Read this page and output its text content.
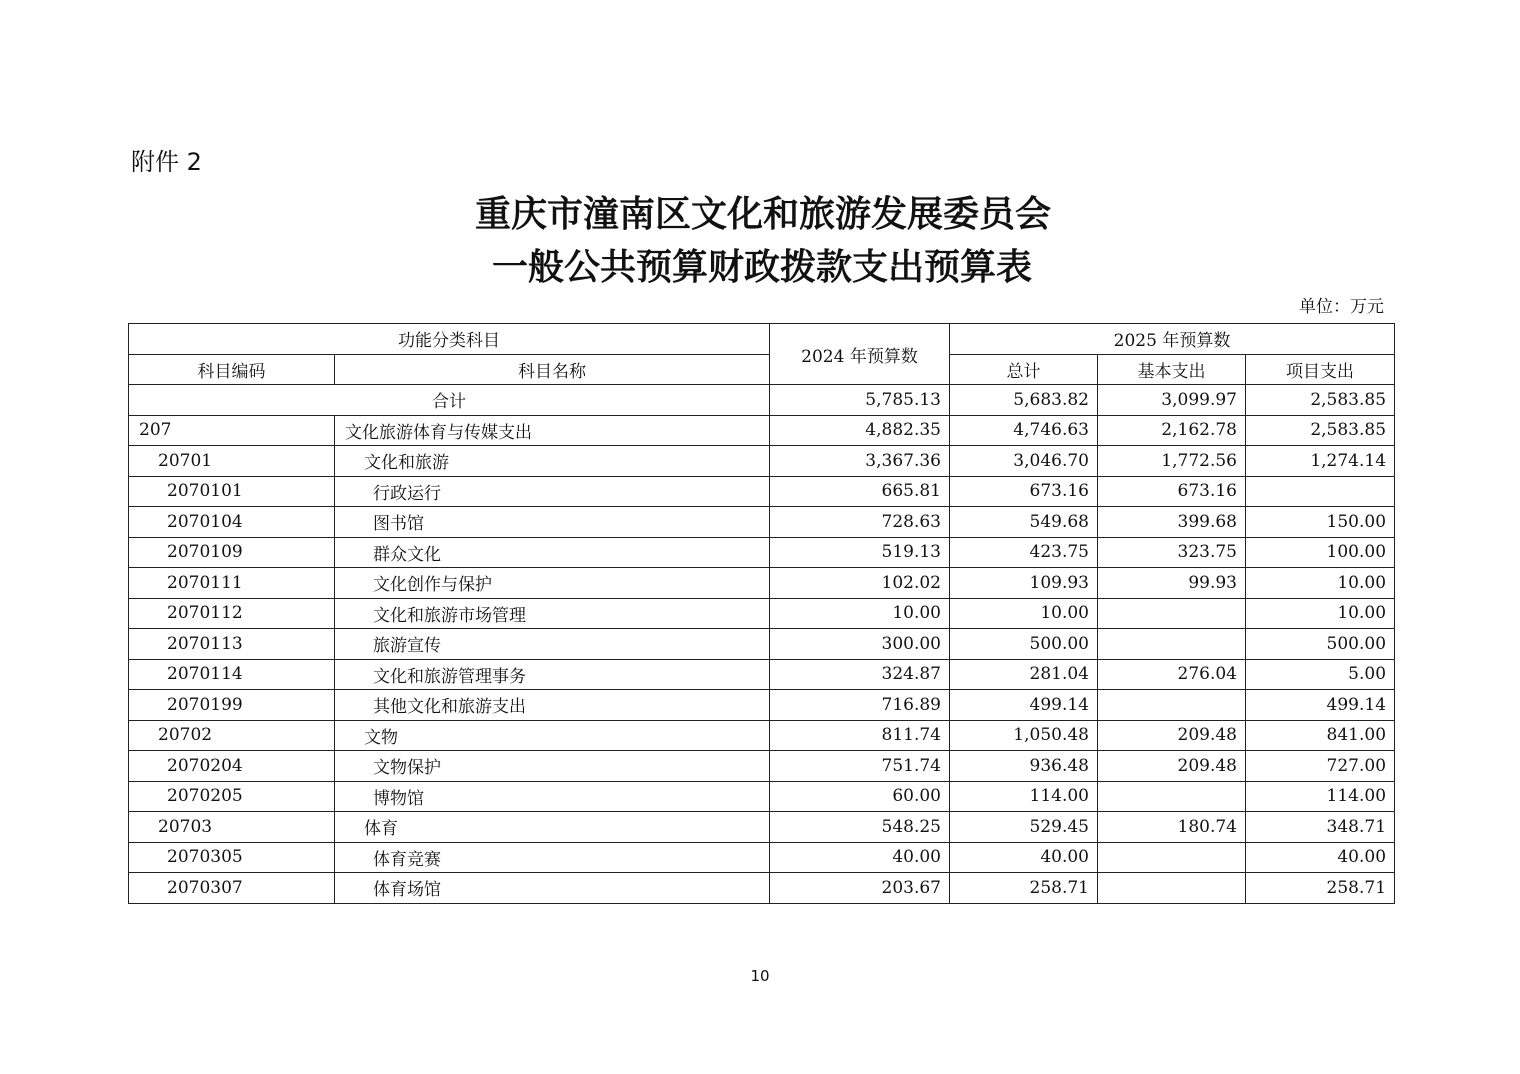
附件 2
重庆市潼南区文化和旅游发展委员会
一般公共预算财政拨款支出预算表
单位：万元
功能分类科目		2024 年预算数	2025 年预算数		
科目编码	科目名称		总计	基本支出	项目支出
合计		5,785.13	5,683.82	3,099.97	2,583.85
207	文化旅游体育与传媒支出	4,882.35	4,746.63	2,162.78	2,583.85
20701	文化和旅游	3,367.36	3,046.70	1,772.56	1,274.14
2070101	行政运行	665.81	673.16	673.16	
2070104	图书馆	728.63	549.68	399.68	150.00
2070109	群众文化	519.13	423.75	323.75	100.00
2070111	文化创作与保护	102.02	109.93	99.93	10.00
2070112	文化和旅游市场管理	10.00	10.00		10.00
2070113	旅游宣传	300.00	500.00		500.00
2070114	文化和旅游管理事务	324.87	281.04	276.04	5.00
2070199	其他文化和旅游支出	716.89	499.14		499.14
20702	文物	811.74	1,050.48	209.48	841.00
2070204	文物保护	751.74	936.48	209.48	727.00
2070205	博物馆	60.00	114.00		114.00
20703	体育	548.25	529.45	180.74	348.71
2070305	体育竞赛	40.00	40.00		40.00
2070307	体育场馆	203.67	258.71		258.71
10
